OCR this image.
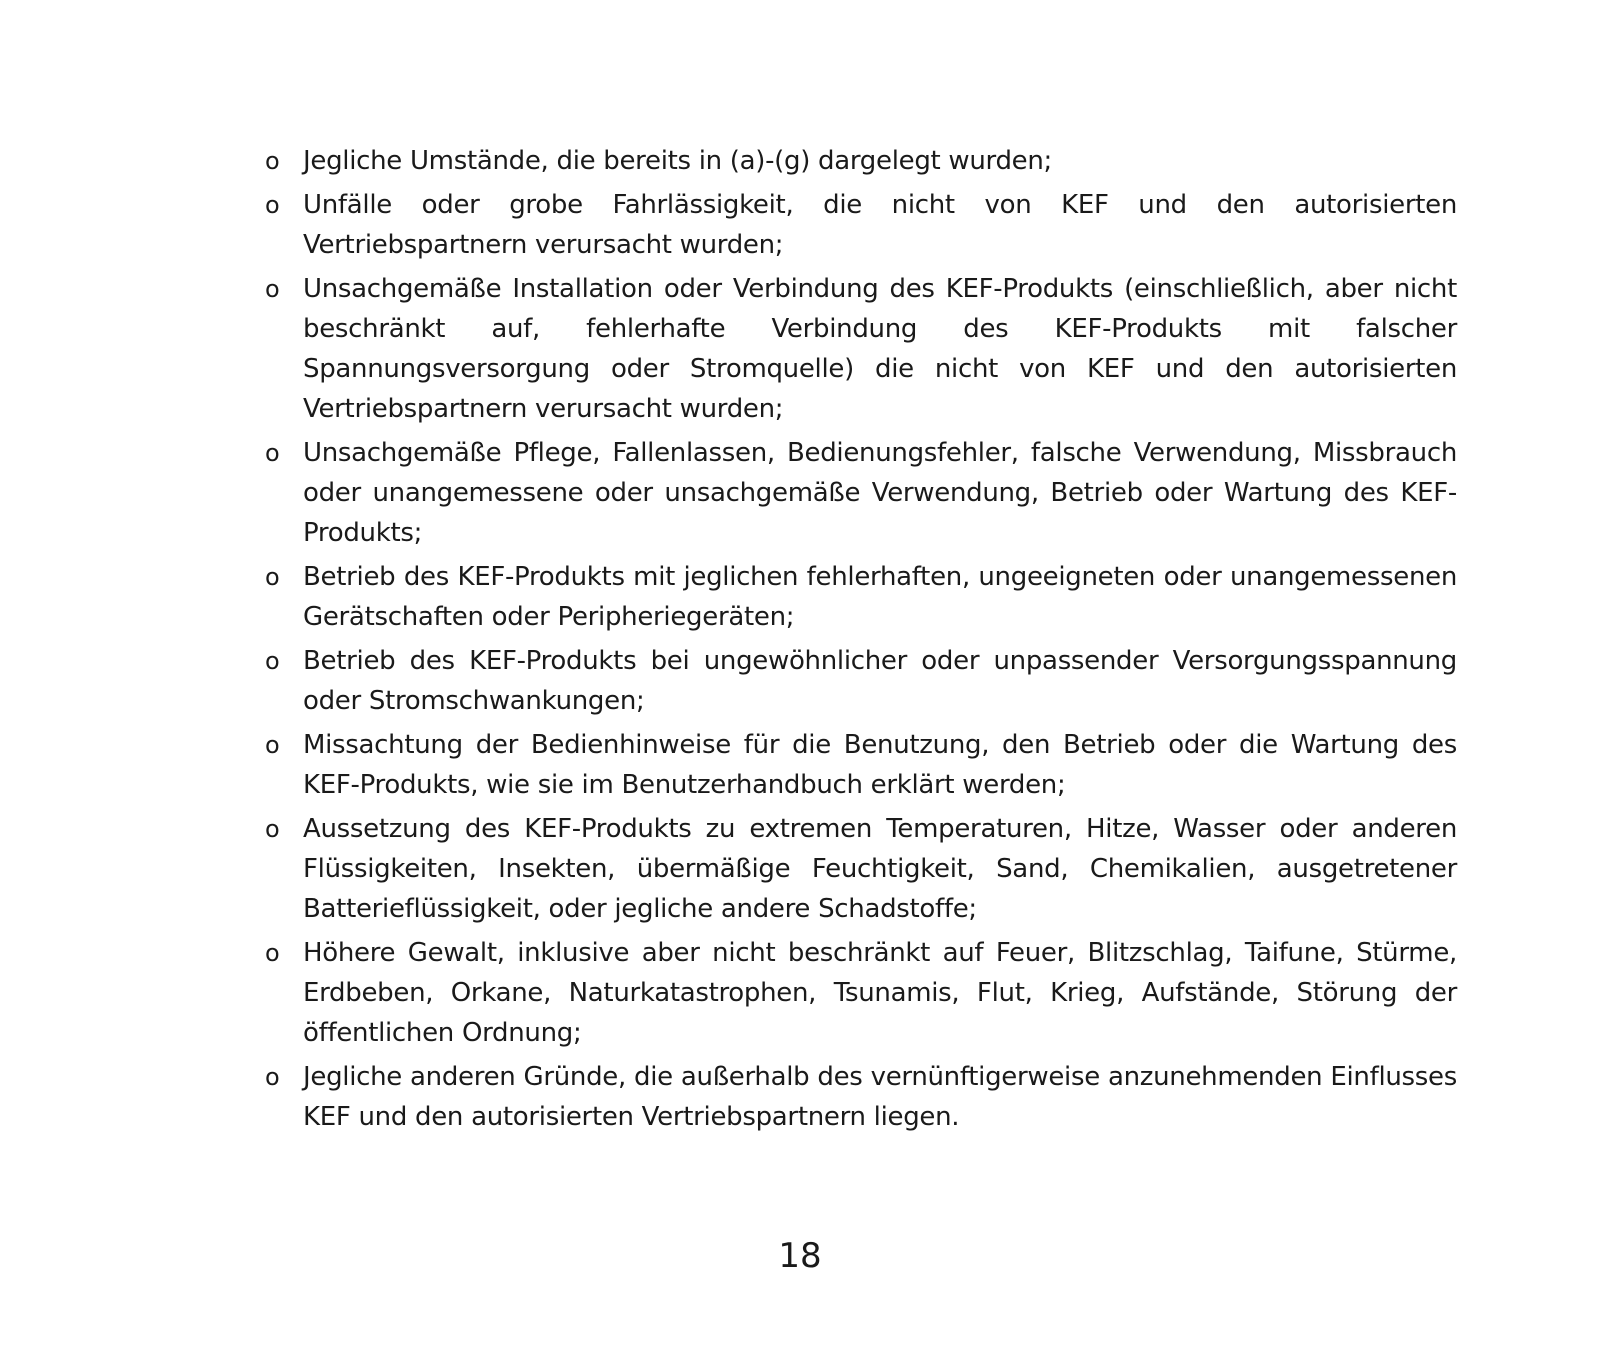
o Jegliche Umstände, die bereits in (a)-(g) dargelegt wurden;
o Unfälle oder grobe Fahrlässigkeit, die nicht von KEF und den autorisierten Vertriebspartnern verursacht wurden;
o Unsachgemäße Installation oder Verbindung des KEF-Produkts (einschließlich, aber nicht beschränkt auf, fehlerhafte Verbindung des KEF-Produkts mit falscher Spannungsversorgung oder Stromquelle) die nicht von KEF und den autorisierten Vertriebspartnern verursacht wurden;
o Unsachgemäße Pflege, Fallenlassen, Bedienungsfehler, falsche Verwendung, Missbrauch oder unangemessene oder unsachgemäße Verwendung, Betrieb oder Wartung des KEF-Produkts;
o Betrieb des KEF-Produkts mit jeglichen fehlerhaften, ungeeigneten oder unangemessenen Gerätschaften oder Peripheriegeräten;
o Betrieb des KEF-Produkts bei ungewöhnlicher oder unpassender Versorgungsspannung oder Stromschwankungen;
o Missachtung der Bedienhinweise für die Benutzung, den Betrieb oder die Wartung des KEF-Produkts, wie sie im Benutzerhandbuch erklärt werden;
o Aussetzung des KEF-Produkts zu extremen Temperaturen, Hitze, Wasser oder anderen Flüssigkeiten, Insekten, übermäßige Feuchtigkeit, Sand, Chemikalien, ausgetretener Batterieflüssigkeit, oder jegliche andere Schadstoffe;
o Höhere Gewalt, inklusive aber nicht beschränkt auf Feuer, Blitzschlag, Taifune, Stürme, Erdbeben, Orkane, Naturkatastrophen, Tsunamis, Flut, Krieg, Aufstände, Störung der öffentlichen Ordnung;
o Jegliche anderen Gründe, die außerhalb des vernünftigerweise anzunehmenden Einflusses KEF und den autorisierten Vertriebspartnern liegen.
18
